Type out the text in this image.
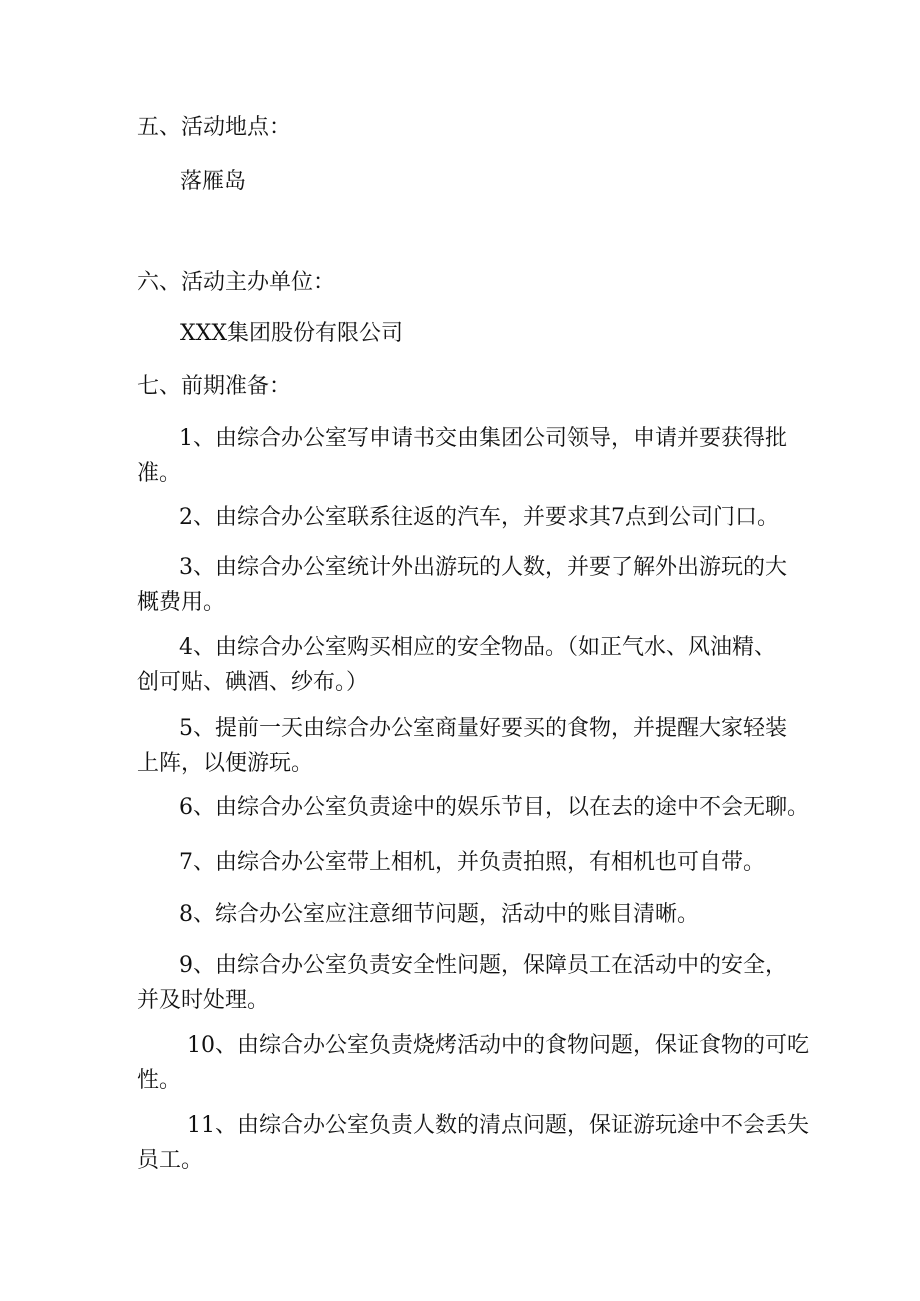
五、活动地点：

落雁岛

六、活动主办单位：

XXX集团股份有限公司

七、前期准备：

1、由综合办公室写申请书交由集团公司领导，申请并要获得批
准。

2、由综合办公室联系往返的汽车，并要求其7点到公司门口。

3、由综合办公室统计外出游玩的人数，并要了解外出游玩的大
概费用。

4、由综合办公室购买相应的安全物品。（如正气水、风油精、
创可贴、碘酒、纱布。）

5、提前一天由综合办公室商量好要买的食物，并提醒大家轻装
上阵，以便游玩。

6、由综合办公室负责途中的娱乐节目，以在去的途中不会无聊。

7、由综合办公室带上相机，并负责拍照，有相机也可自带。

8、综合办公室应注意细节问题，活动中的账目清晰。

9、由综合办公室负责安全性问题，保障员工在活动中的安全，
并及时处理。

10、由综合办公室负责烧烤活动中的食物问题，保证食物的可吃
性。

11、由综合办公室负责人数的清点问题，保证游玩途中不会丢失
员工。
